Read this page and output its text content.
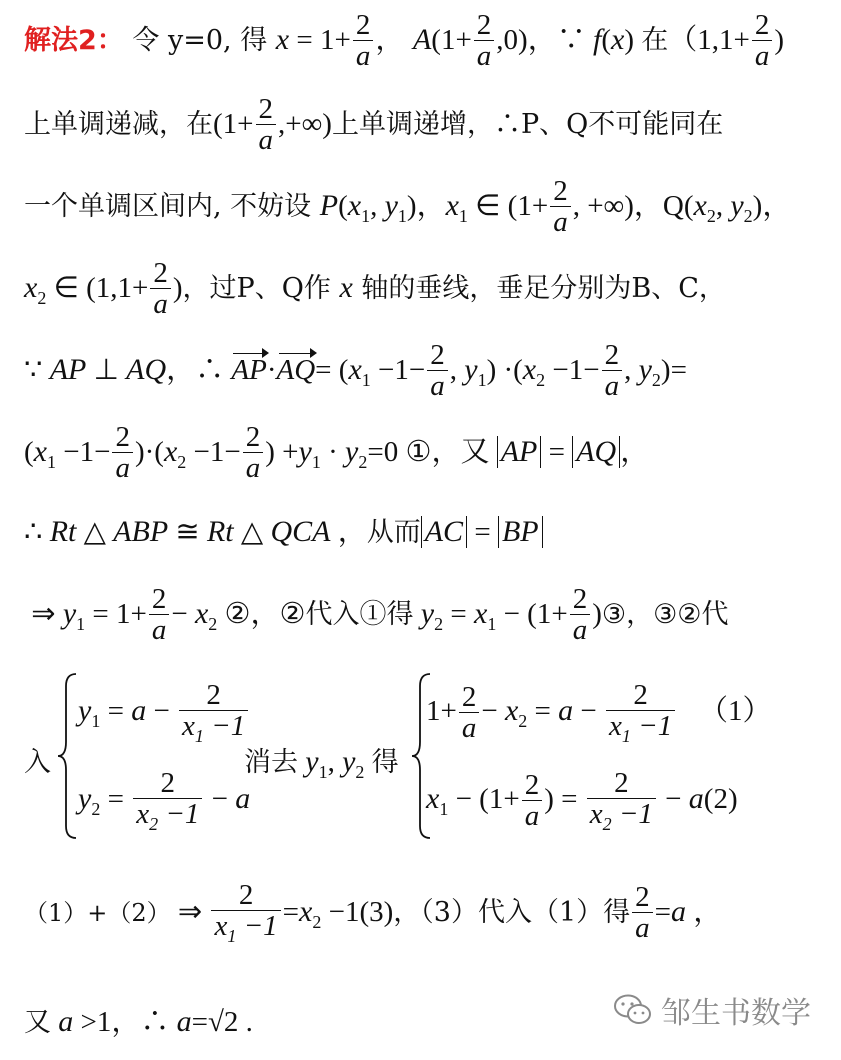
解法2： 令 y=0, 得 $x = 1+ \frac{2}{a}$ ， $A(1+ \frac{2}{a} ,0)$，∵ f(x) 在（$1,1+ \frac{2}{a}$ )
上单调递减，在($1+ \frac{2}{a}$ ,+∞)上单调递增，∴P、Q不可能同在
一个单调区间内, 不妨设 $P(x_1$, $y_1$)，$x_1$ ∈ ($1+ \frac{2}{a}$ , +∞)，$Q(x_2$, $y_2$)，
$x_2$ ∈ ($1,1+ \frac{2}{a}$ )，过P、Q作 x 轴的垂线，垂足分别为B、C，
∵ AP ⊥ AQ，∴ $AP\cdot AQ= (x_1 -1- \frac{2}{a}$ , $y_1) \cdot(x_2 -1- \frac{2}{a}$ , $y_2)=$
$(x_1 -1- \frac{2}{a} )\cdot(x_2 -1- \frac{2}{a}$ ) $+y_1 \cdot y_2=0$ ①，又 AP = AQ ，
∴ Rt △ ABP ≅ Rt △ QCA ，从而 AC = BP
⇒ $y_1 = 1+ \frac{2}{a} - x_2$ ②，②代入①得 $y_2 = x_1 - (1+ \frac{2}{a}$ )③，③②代
入
$y_1 = a - \frac{2}{x_1 -1}$
$y_2 = \frac{2}{x_2 -1} - a$
消去 $y_1$, $y_2$ 得
$1+ \frac{2}{a} - x_2 = a - \frac{2}{x_1 -1} (1)$
$x_1 - (1+ \frac{2}{a}$ ) = $\frac{2}{x_2 -1} - a(2)$
（1）+（2） ⇒ $\frac{2}{x_1 -1} =x_2 -1(3)$，（3）代入（1）得 $\frac{2}{a} =a$ ，
又 a >1，∴ a=√2 .	邹生书数学
